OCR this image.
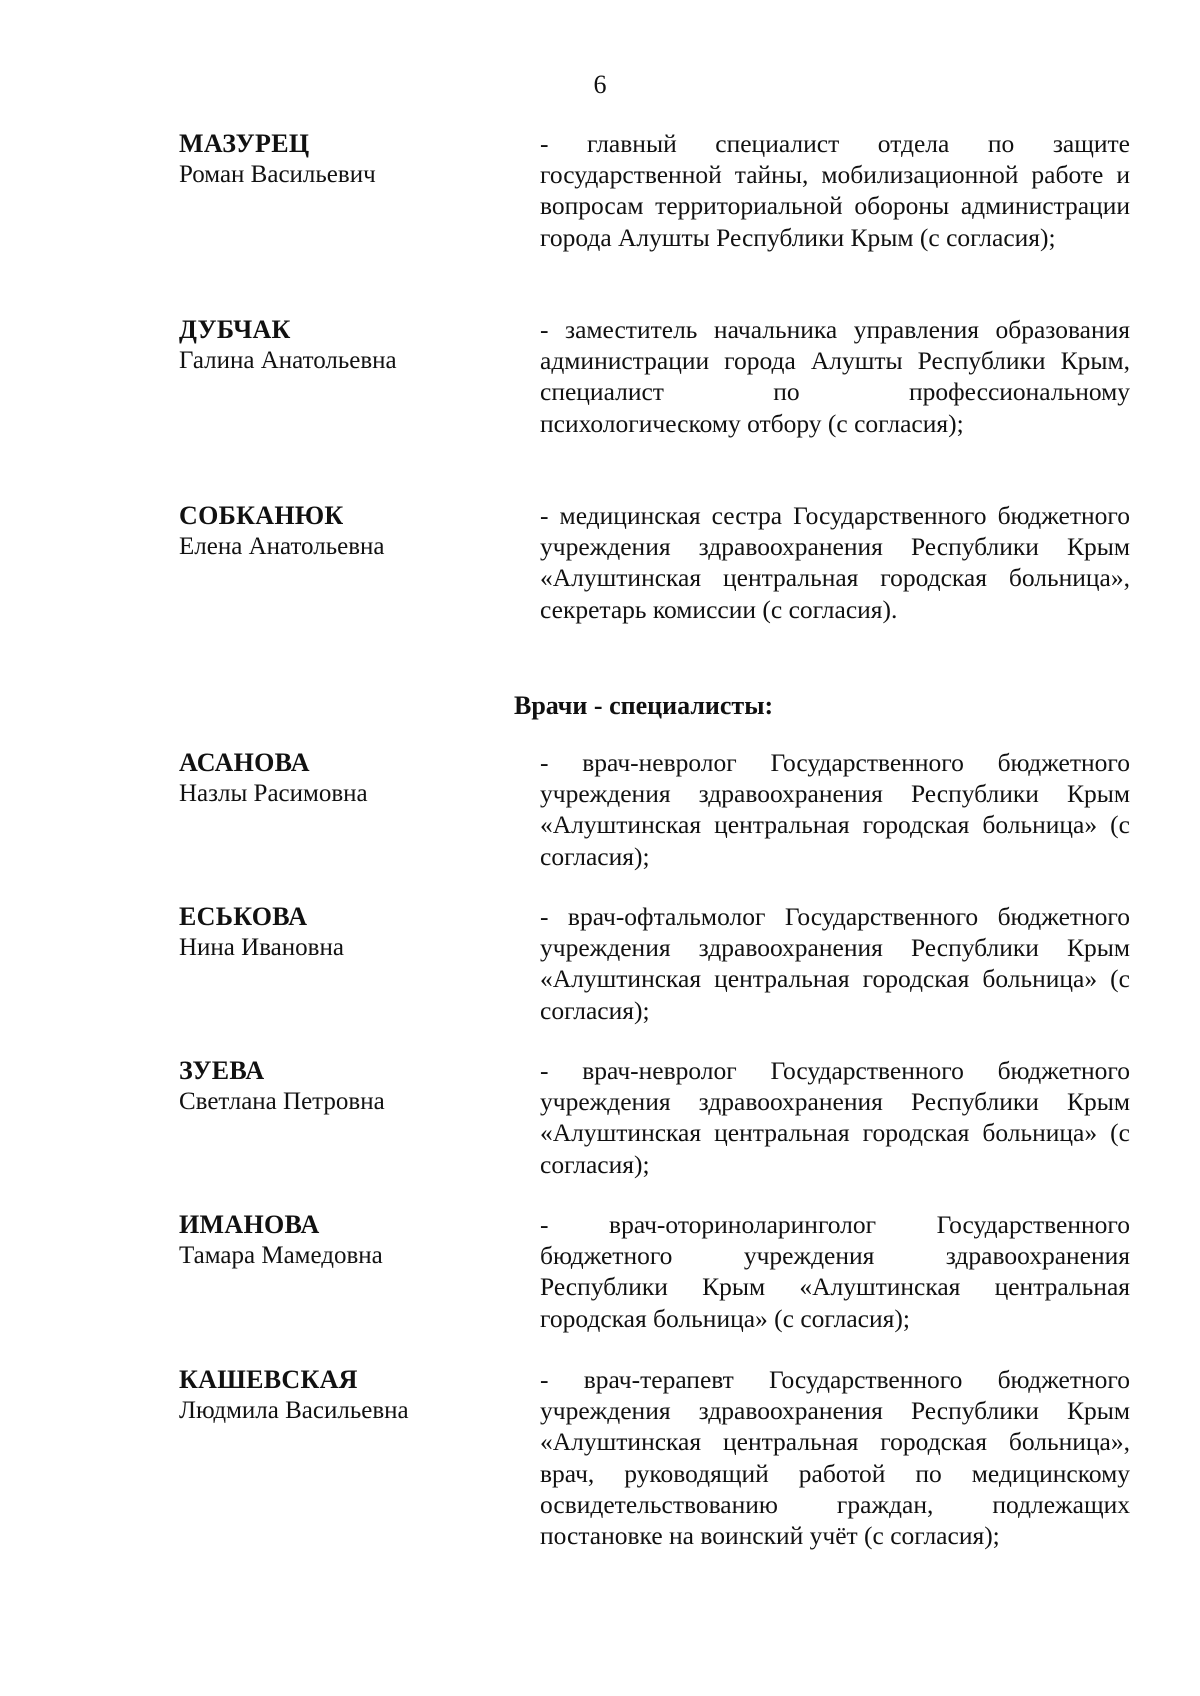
6
МАЗУРЕЦ
Роман Васильевич
- главный специалист отдела по защите государственной тайны, мобилизационной работе и вопросам территориальной обороны администрации города Алушты Республики Крым (с согласия);
ДУБЧАК
Галина Анатольевна
- заместитель начальника управления образования администрации города Алушты Республики Крым, специалист по профессиональному психологическому отбору (с согласия);
СОБКАНЮК
Елена Анатольевна
- медицинская сестра Государственного бюджетного учреждения здравоохранения Республики Крым «Алуштинская центральная городская больница», секретарь комиссии (с согласия).
Врачи - специалисты:
АСАНОВА
Назлы Расимовна
- врач-невролог Государственного бюджетного учреждения здравоохранения Республики Крым «Алуштинская центральная городская больница» (с согласия);
ЕСЬКОВА
Нина Ивановна
- врач-офтальмолог Государственного бюджетного учреждения здравоохранения Республики Крым «Алуштинская центральная городская больница» (с согласия);
ЗУЕВА
Светлана Петровна
- врач-невролог Государственного бюджетного учреждения здравоохранения Республики Крым «Алуштинская центральная городская больница» (с согласия);
ИМАНОВА
Тамара Мамедовна
- врач-оториноларинголог Государственного бюджетного учреждения здравоохранения Республики Крым «Алуштинская центральная городская больница» (с согласия);
КАШЕВСКАЯ
Людмила Васильевна
- врач-терапевт Государственного бюджетного учреждения здравоохранения Республики Крым «Алуштинская центральная городская больница», врач, руководящий работой по медицинскому освидетельствованию граждан, подлежащих постановке на воинский учёт (с согласия);
